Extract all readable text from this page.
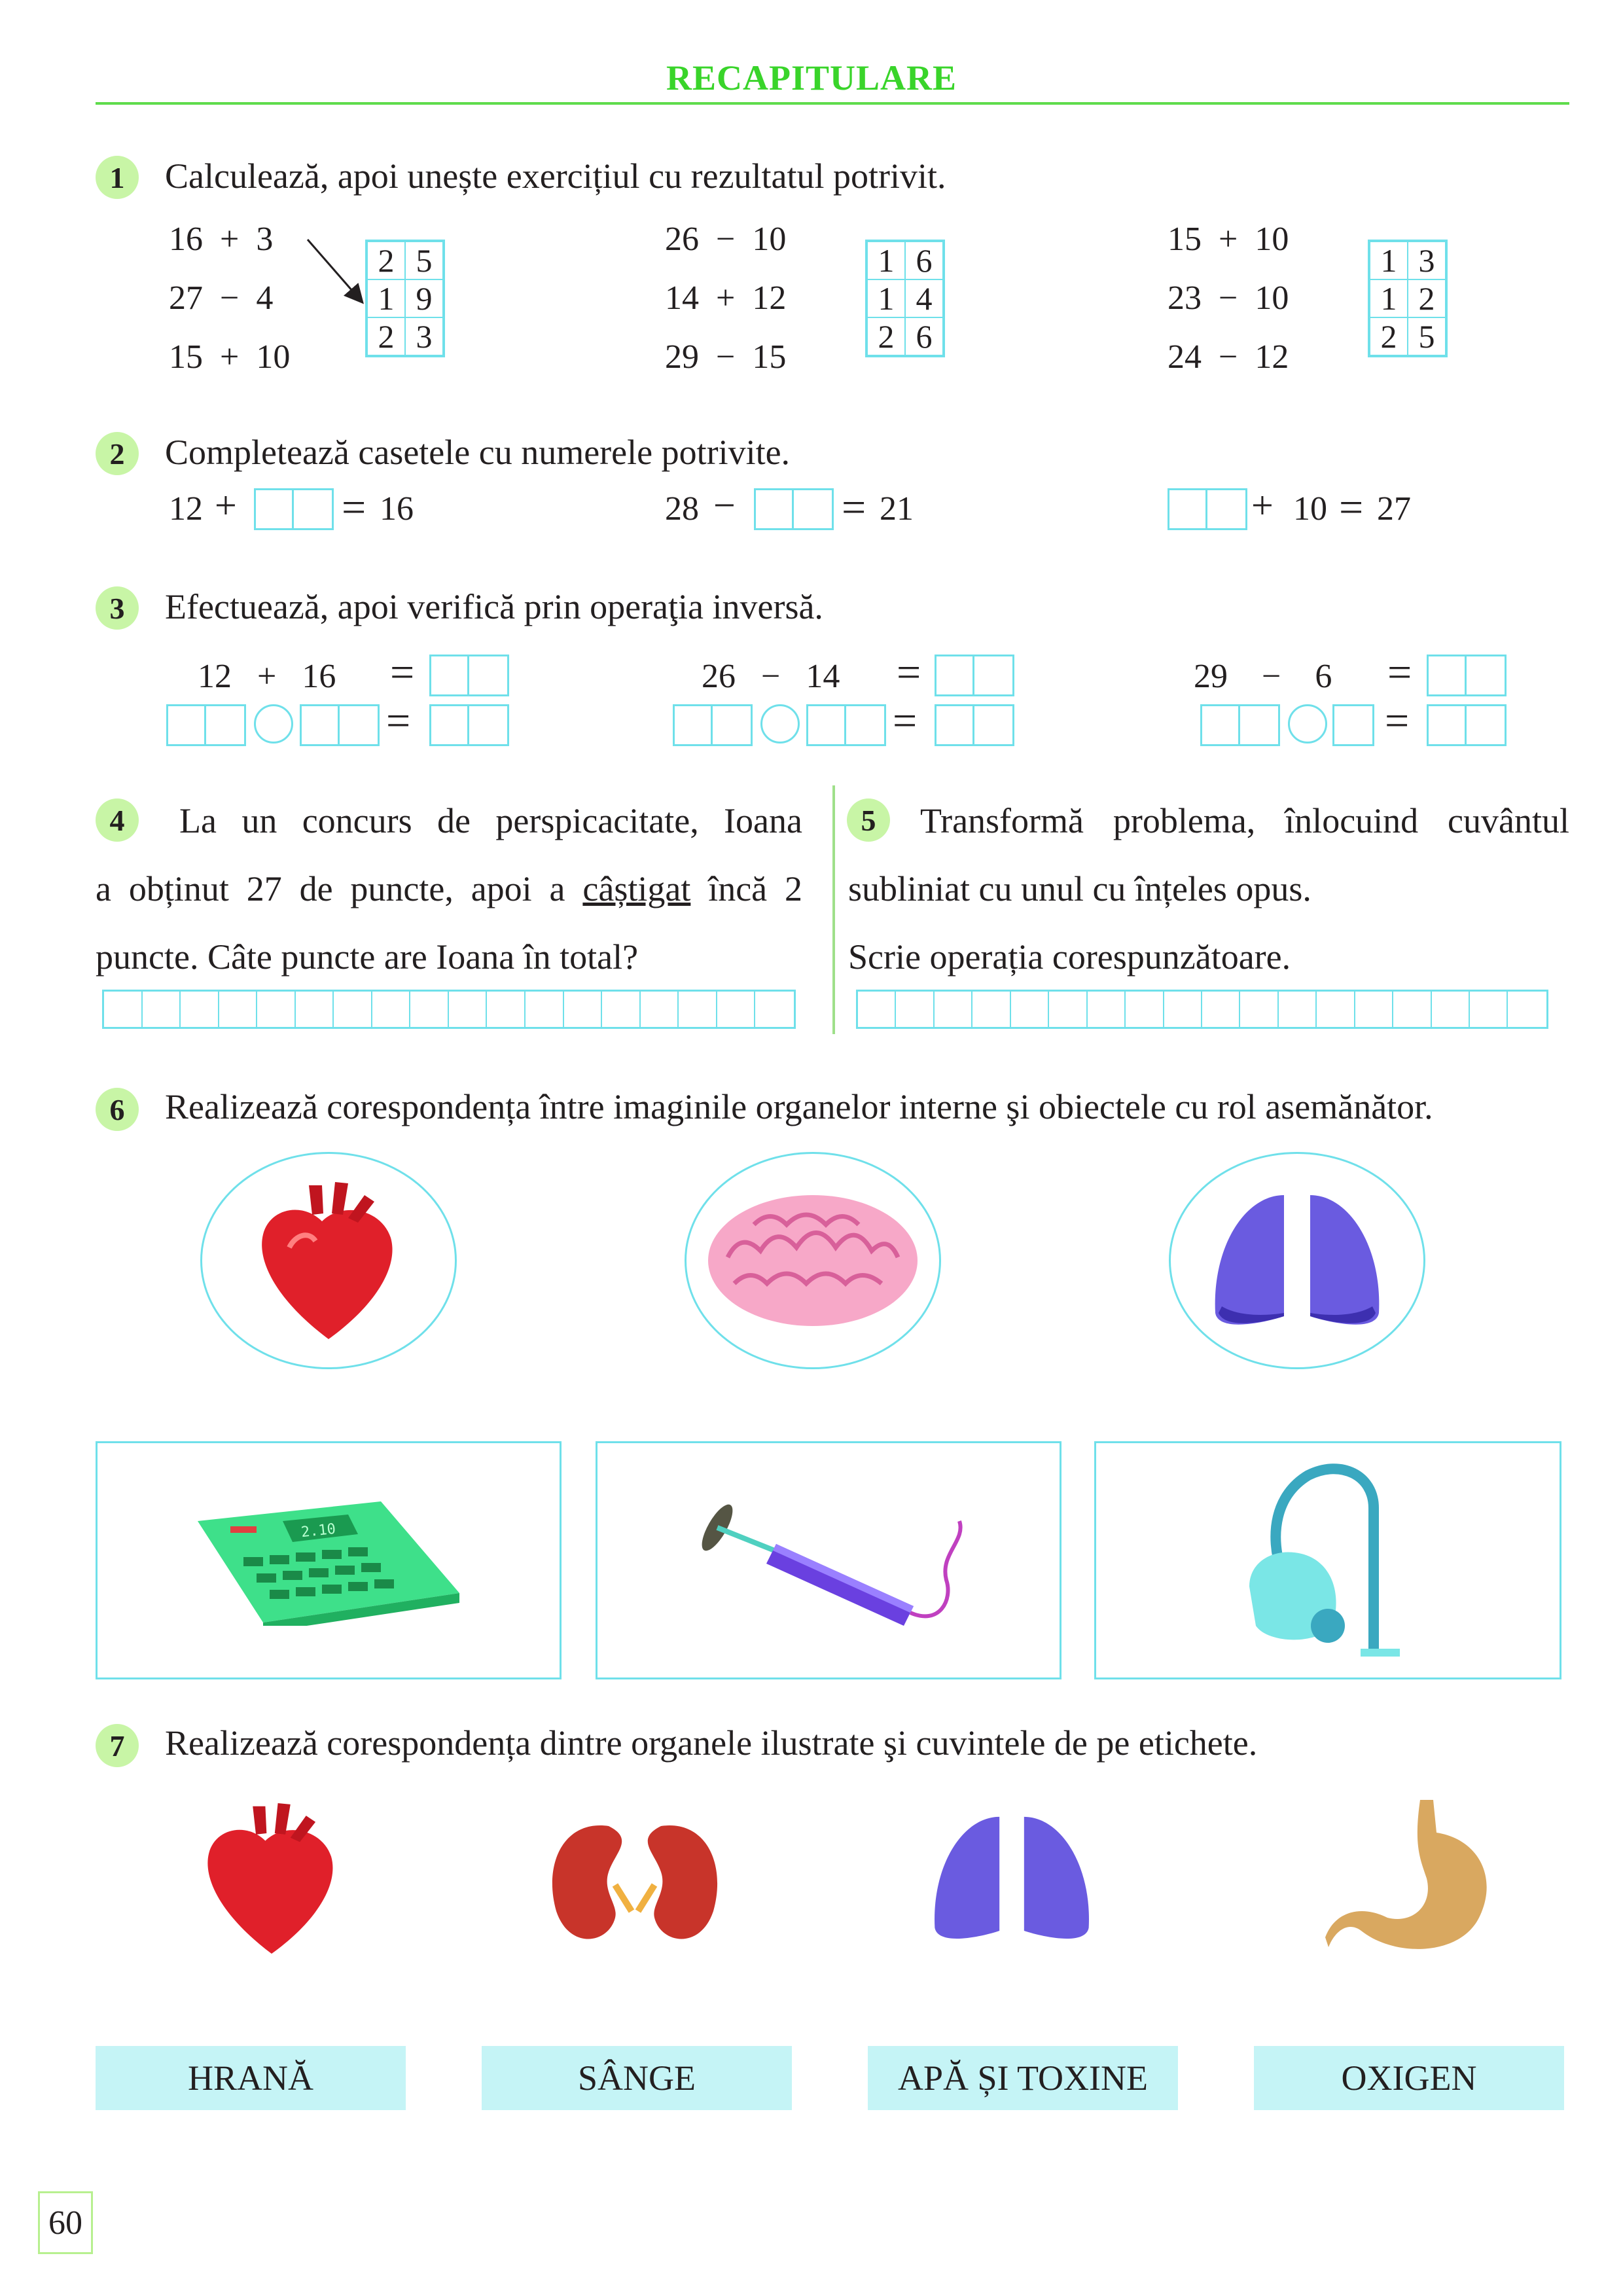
RECAPITULARE
1	Calculează, apoi unește exercițiul cu rezultatul potrivit.
16 + 3
27 − 4
15 + 10
2 5
1 9
2 3
26 − 10
14 + 12
29 − 15
1 6
1 4
2 6
15 + 10
23 − 10
24 − 12
1 3
1 2
2 5
2	Completează casetele cu numerele potrivite.
12 + = 16	28 − = 21	+ 10 = 27
3	Efectuează, apoi verifică prin operaţia inversă.
12 + 16 =
=
26 − 14 =
=
29 − 6 =
=
4	La un concurs de perspicacitate, Ioana
a obținut 27 de puncte, apoi a câștigat încă 2
puncte. Câte puncte are Ioana în total?
5	Transformă problema, înlocuind cuvântul
subliniat cu unul cu înțeles opus.
Scrie operația corespunzătoare.
6	Realizează corespondența între imaginile organelor interne şi obiectele cu rol asemănător.
2.10
7	Realizează corespondența dintre organele ilustrate şi cuvintele de pe etichete.
HRANĂ	SÂNGE	APĂ ȘI TOXINE	OXIGEN
60
